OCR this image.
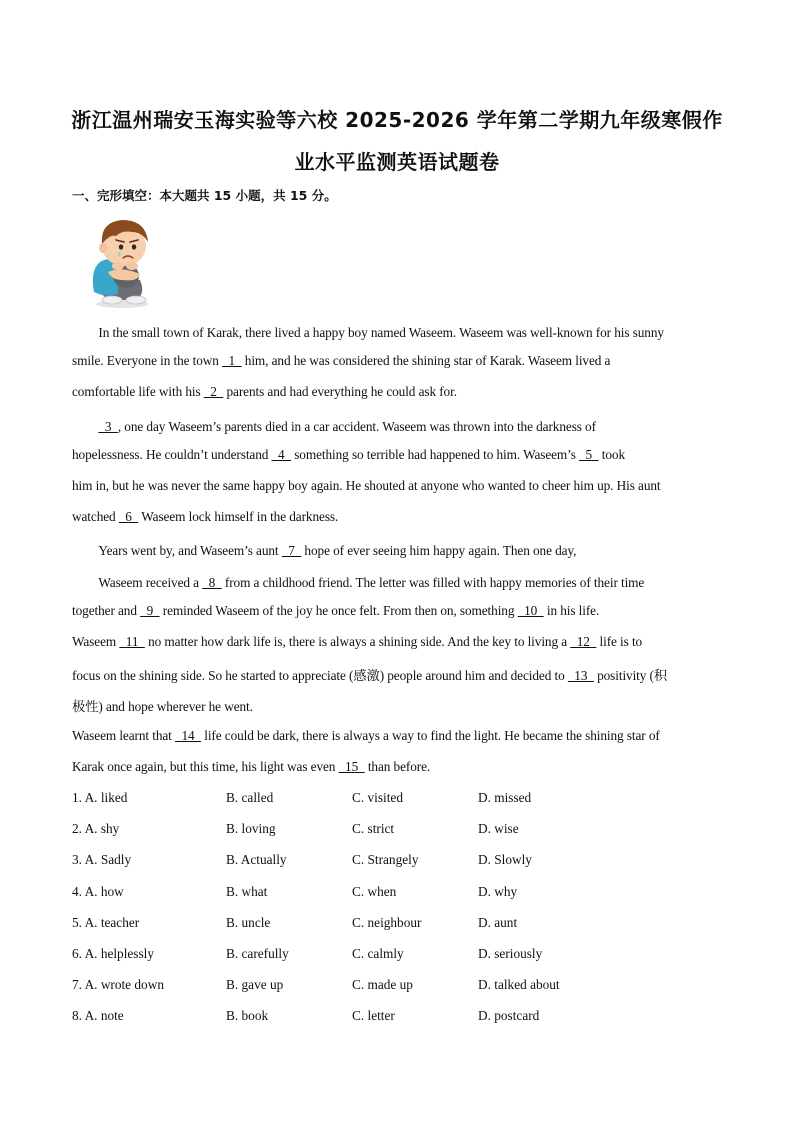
浙江温州瑞安玉海实验等六校 2025-2026 学年第二学期九年级寒假作
业水平监测英语试题卷
一、完形填空：本大题共 15 小题，共 15 分。
　　In the small town of Karak, there lived a happy boy named Waseem. Waseem was well-known for his sunny
smile. Everyone in the town   1   him, and he was considered the shining star of Karak. Waseem lived a
comfortable life with his   2   parents and had everything he could ask for.
　　  3  , one day Waseem’s parents died in a car accident. Waseem was thrown into the darkness of
hopelessness. He couldn’t understand   4   something so terrible had happened to him. Waseem’s   5   took
him in, but he was never the same happy boy again. He shouted at anyone who wanted to cheer him up. His aunt
watched   6   Waseem lock himself in the darkness.
　　Years went by, and Waseem’s aunt   7   hope of ever seeing him happy again. Then one day,
　　Waseem received a   8   from a childhood friend. The letter was filled with happy memories of their time
together and   9   reminded Waseem of the joy he once felt. From then on, something   10   in his life.
Waseem   11   no matter how dark life is, there is always a shining side. And the key to living a   12   life is to
focus on the shining side. So he started to appreciate (感激) people around him and decided to   13   positivity (积
极性) and hope wherever he went.
Waseem learnt that   14   life could be dark, there is always a way to find the light. He became the shining star of
Karak once again, but this time, his light was even   15   than before.
1. A. liked	B. called	C. visited	D. missed
2. A. shy	B. loving	C. strict	D. wise
3. A. Sadly	B. Actually	C. Strangely	D. Slowly
4. A. how	B. what	C. when	D. why
5. A. teacher	B. uncle	C. neighbour	D. aunt
6. A. helplessly	B. carefully	C. calmly	D. seriously
7. A. wrote down	B. gave up	C. made up	D. talked about
8. A. note	B. book	C. letter	D. postcard
